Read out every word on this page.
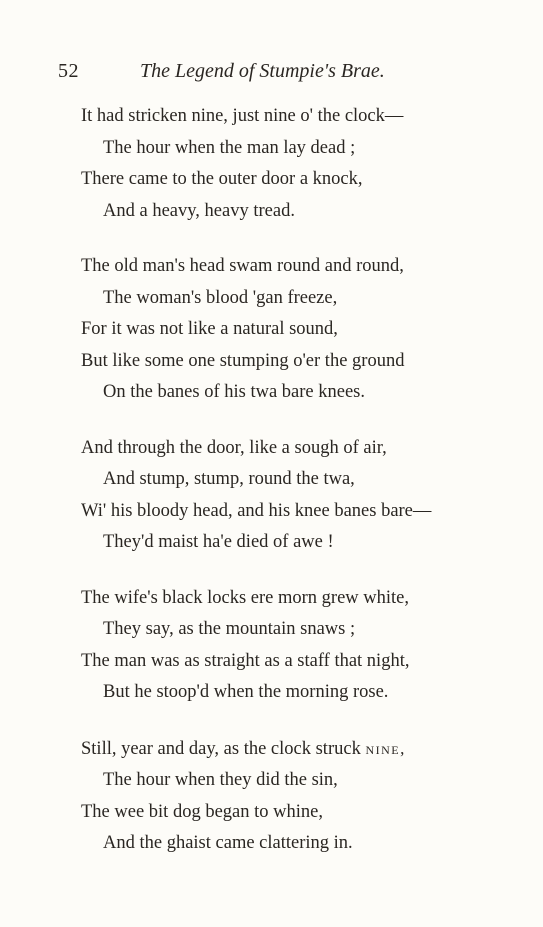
52	The Legend of Stumpie's Brae.
It had stricken nine, just nine o' the clock—
The hour when the man lay dead ;
There came to the outer door a knock,
And a heavy, heavy tread.
The old man's head swam round and round,
The woman's blood 'gan freeze,
For it was not like a natural sound,
But like some one stumping o'er the ground
On the banes of his twa bare knees.
And through the door, like a sough of air,
And stump, stump, round the twa,
Wi' his bloody head, and his knee banes bare—
They'd maist ha'e died of awe !
The wife's black locks ere morn grew white,
They say, as the mountain snaws ;
The man was as straight as a staff that night,
But he stoop'd when the morning rose.
Still, year and day, as the clock struck nine,
The hour when they did the sin,
The wee bit dog began to whine,
And the ghaist came clattering in.
